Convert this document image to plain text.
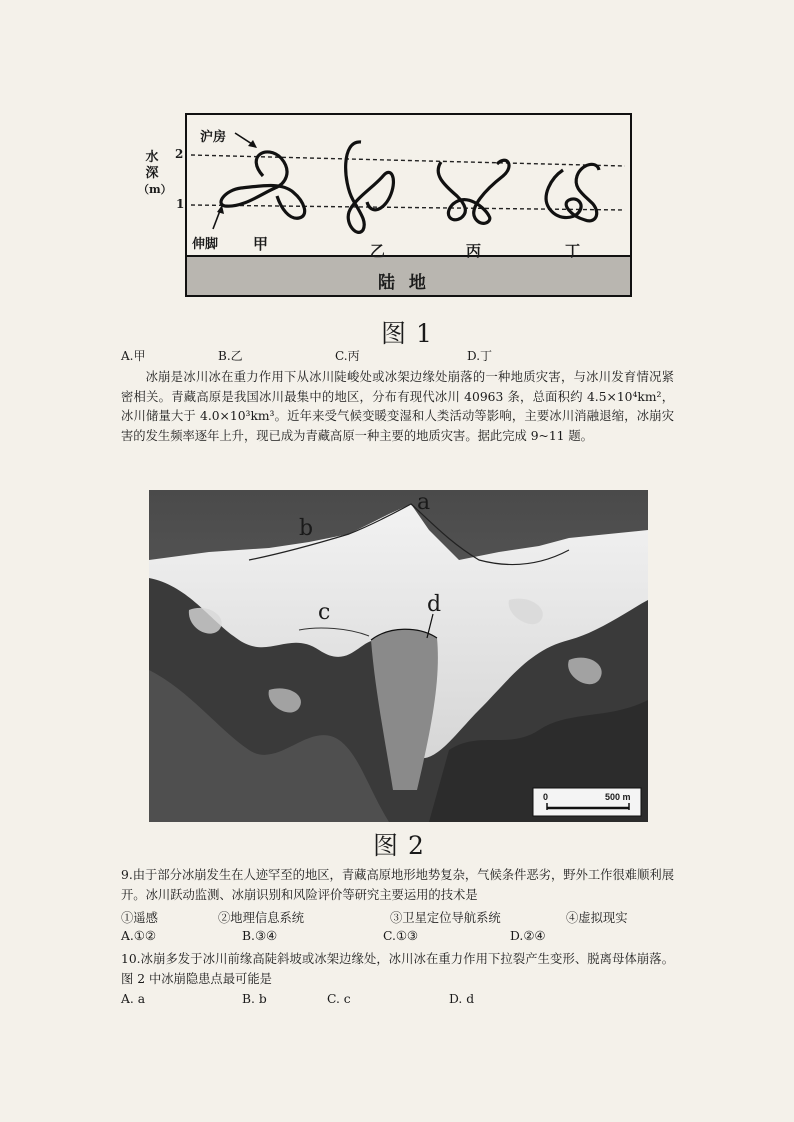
水
深
（m）
2
1
沪房
伸脚 甲	乙	丙	丁
陆 地
图 1
A.甲	B.乙	C.丙	D.丁

冰崩是冰川冰在重力作用下从冰川陡峻处或冰架边缘处崩落的一种地质灾害，与冰川发育情况紧密相关。青藏高原是我国冰川最集中的地区，分布有现代冰川 40963 条，总面积约 4.5×10⁴km²，冰川储量大于 4.0×10³km³。近年来受气候变暖变湿和人类活动等影响，主要冰川消融退缩，冰崩灾害的发生频率逐年上升，现已成为青藏高原一种主要的地质灾害。据此完成 9~11 题。

a
b
c	d
0	500 m
图 2

9.由于部分冰崩发生在人迹罕至的地区，青藏高原地形地势复杂，气候条件恶劣，野外工作很难顺利展开。冰川跃动监测、冰崩识别和风险评价等研究主要运用的技术是

①遥感	②地理信息系统	③卫星定位导航系统	④虚拟现实
A.①②	B.③④	C.①③	D.②④

10.冰崩多发于冰川前缘高陡斜坡或冰架边缘处，冰川冰在重力作用下拉裂产生变形、脱离母体崩落。图 2 中冰崩隐患点最可能是

A. a	B. b	C. c	D. d
